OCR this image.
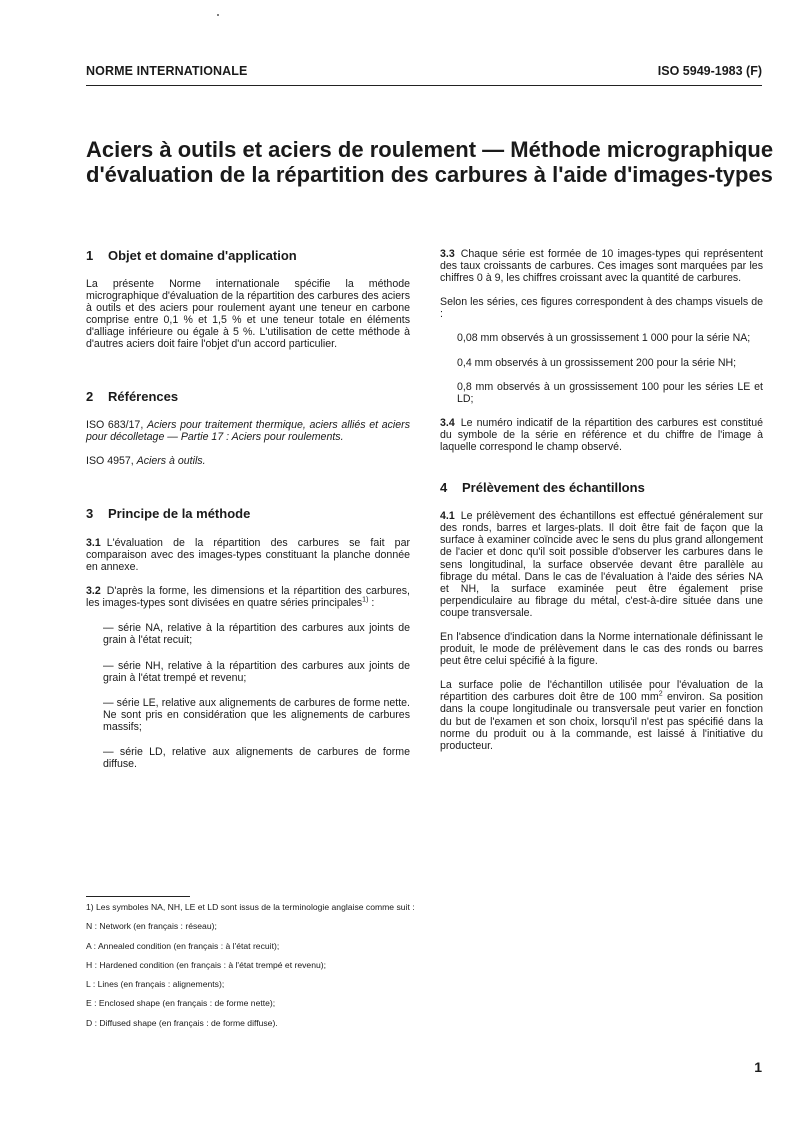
NORME INTERNATIONALE	ISO 5949-1983 (F)
Aciers à outils et aciers de roulement — Méthode micrographique d'évaluation de la répartition des carbures à l'aide d'images-types
1 Objet et domaine d'application

La présente Norme internationale spécifie la méthode micrographique d'évaluation de la répartition des carbures des aciers à outils et des aciers pour roulement ayant une teneur en carbone comprise entre 0,1 % et 1,5 % et une teneur totale en éléments d'alliage inférieure ou égale à 5 %. L'utilisation de cette méthode à d'autres aciers doit faire l'objet d'un accord particulier.

2 Références

ISO 683/17, Aciers pour traitement thermique, aciers alliés et aciers pour décolletage — Partie 17 : Aciers pour roulements.

ISO 4957, Aciers à outils.

3 Principe de la méthode

3.1 L'évaluation de la répartition des carbures se fait par comparaison avec des images-types constituant la planche donnée en annexe.

3.2 D'après la forme, les dimensions et la répartition des carbures, les images-types sont divisées en quatre séries principales$^{1)}$ :

— série NA, relative à la répartition des carbures aux joints de grain à l'état recuit;

— série NH, relative à la répartition des carbures aux joints de grain à l'état trempé et revenu;

— série LE, relative aux alignements de carbures de forme nette. Ne sont pris en considération que les alignements de carbures massifs;

— série LD, relative aux alignements de carbures de forme diffuse.

3.3 Chaque série est formée de 10 images-types qui représentent des taux croissants de carbures. Ces images sont marquées par les chiffres 0 à 9, les chiffres croissant avec la quantité de carbures.

Selon les séries, ces figures correspondent à des champs visuels de :

0,08 mm observés à un grossissement 1 000 pour la série NA;

0,4 mm observés à un grossissement 200 pour la série NH;

0,8 mm observés à un grossissement 100 pour les séries LE et LD;

3.4 Le numéro indicatif de la répartition des carbures est constitué du symbole de la série en référence et du chiffre de l'image à laquelle correspond le champ observé.

4 Prélèvement des échantillons

4.1 Le prélèvement des échantillons est effectué généralement sur des ronds, barres et larges-plats. Il doit être fait de façon que la surface à examiner coïncide avec le sens du plus grand allongement de l'acier et donc qu'il soit possible d'observer les carbures dans le sens longitudinal, la surface observée devant être parallèle au fibrage du métal. Dans le cas de l'évaluation à l'aide des séries NA et NH, la surface examinée peut être également prise perpendiculaire au fibrage du métal, c'est-à-dire située dans une coupe transversale.

En l'absence d'indication dans la Norme internationale définissant le produit, le mode de prélèvement dans le cas des ronds ou barres peut être celui spécifié à la figure.

La surface polie de l'échantillon utilisée pour l'évaluation de la répartition des carbures doit être de 100 $mm^2$ environ. Sa position dans la coupe longitudinale ou transversale peut varier en fonction du but de l'examen et son choix, lorsqu'il n'est pas spécifié dans la norme du produit ou à la commande, est laissé à l'initiative du producteur.

1) Les symboles NA, NH, LE et LD sont issus de la terminologie anglaise comme suit :

N : Network (en français : réseau);

A : Annealed condition (en français : à l'état recuit);

H : Hardened condition (en français : à l'état trempé et revenu);

L : Lines (en français : alignements);

E : Enclosed shape (en français : de forme nette);

D : Diffused shape (en français : de forme diffuse).

1
